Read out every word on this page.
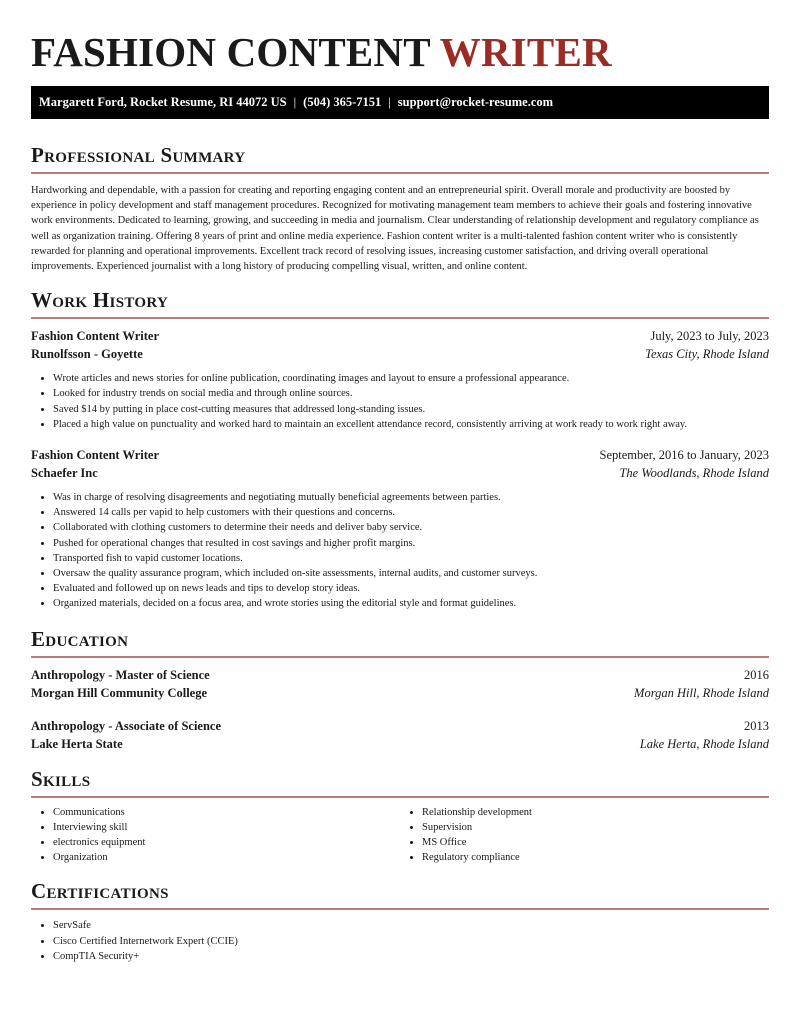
FASHION CONTENT WRITER
Margarett Ford, Rocket Resume, RI 44072 US | (504) 365-7151 | support@rocket-resume.com
Professional Summary

Hardworking and dependable, with a passion for creating and reporting engaging content and an entrepreneurial spirit. Overall morale and productivity are boosted by experience in policy development and staff management procedures. Recognized for motivating management team members to achieve their goals and fostering innovative work environments. Dedicated to learning, growing, and succeeding in media and journalism. Clear understanding of relationship development and regulatory compliance as well as organization training. Offering 8 years of print and online media experience. Fashion content writer is a multi-talented fashion content writer who is consistently rewarded for planning and operational improvements. Excellent track record of resolving issues, increasing customer satisfaction, and driving overall operational improvements. Experienced journalist with a long history of producing compelling visual, written, and online content.

Work History
Fashion Content Writer	July, 2023 to July, 2023
Runolfsson - Goyette	Texas City, Rhode Island
• Wrote articles and news stories for online publication, coordinating images and layout to ensure a professional appearance.
• Looked for industry trends on social media and through online sources.
• Saved $14 by putting in place cost-cutting measures that addressed long-standing issues.
• Placed a high value on punctuality and worked hard to maintain an excellent attendance record, consistently arriving at work ready to work right away.
Fashion Content Writer	September, 2016 to January, 2023
Schaefer Inc	The Woodlands, Rhode Island
• Was in charge of resolving disagreements and negotiating mutually beneficial agreements between parties.
• Answered 14 calls per vapid to help customers with their questions and concerns.
• Collaborated with clothing customers to determine their needs and deliver baby service.
• Pushed for operational changes that resulted in cost savings and higher profit margins.
• Transported fish to vapid customer locations.
• Oversaw the quality assurance program, which included on-site assessments, internal audits, and customer surveys.
• Evaluated and followed up on news leads and tips to develop story ideas.
• Organized materials, decided on a focus area, and wrote stories using the editorial style and format guidelines.
Education
Anthropology - Master of Science	2016
Morgan Hill Community College	Morgan Hill, Rhode Island
Anthropology - Associate of Science	2013
Lake Herta State	Lake Herta, Rhode Island
Skills
• Communications
• Interviewing skill
• electronics equipment
• Organization
• Relationship development
• Supervision
• MS Office
• Regulatory compliance
Certifications
• ServSafe
• Cisco Certified Internetwork Expert (CCIE)
• CompTIA Security+
